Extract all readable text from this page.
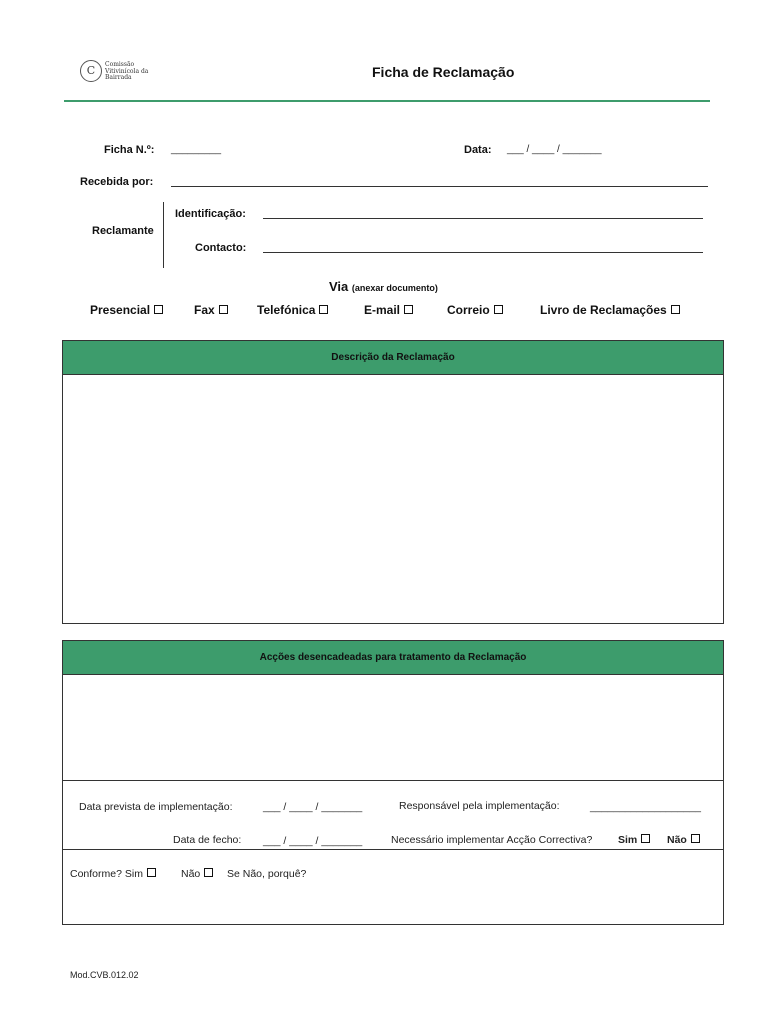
C	Comissão Vitivinícola da Bairrada	Ficha de Reclamação
Ficha N.º: _________	Data: ___ / ____ / _______
Recebida por:
Reclamante
Identificação:
Contacto:
Via (anexar documento)
Presencial	Fax	Telefónica	E-mail	Correio	Livro de Reclamações
Descrição da Reclamação
Acções desencadeadas para tratamento da Reclamação
Data prevista de implementação:	___ / ____ / _______	Responsável pela implementação:	___________________
Data de fecho: ___ / ____ / _______	Necessário implementar Acção Correctiva? Sim	Não
Conforme? Sim	Não	Se Não, porquê?
Mod.CVB.012.02
